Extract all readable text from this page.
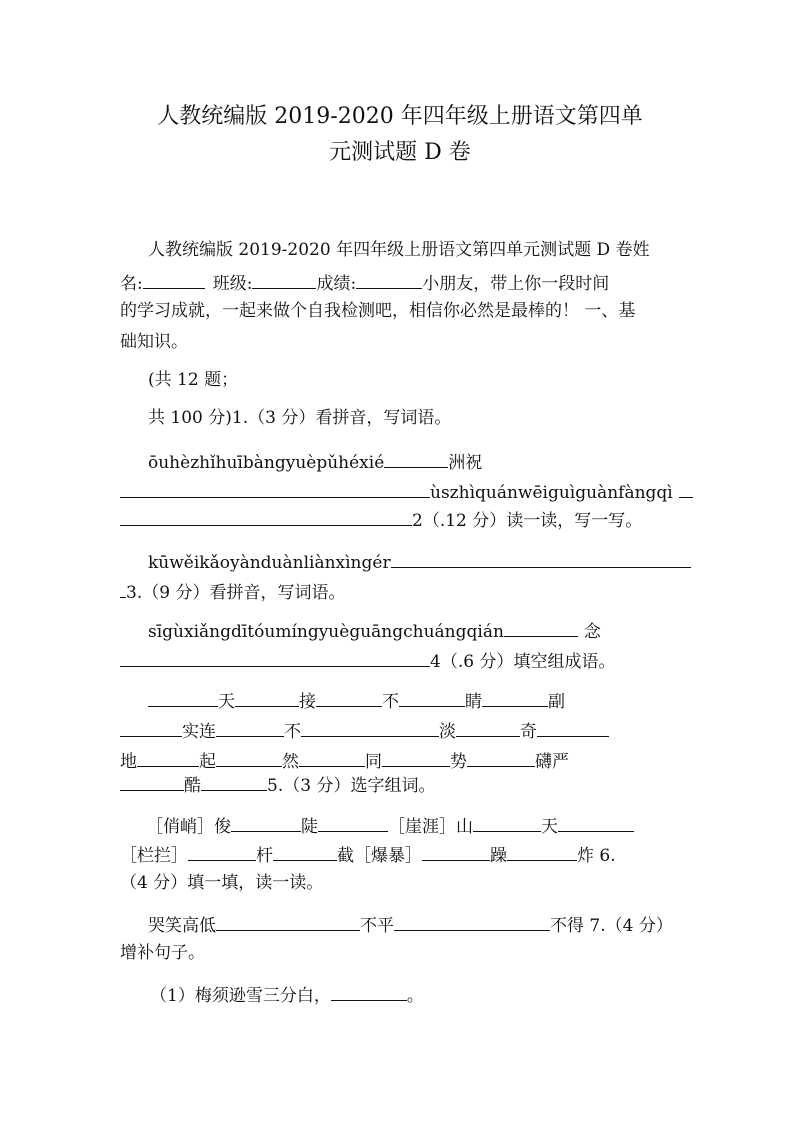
人教统编版 2019-2020 年四年级上册语文第四单
元测试题 D 卷
人教统编版 2019-2020 年四年级上册语文第四单元测试题 D 卷姓
名:	班级:	成绩:	小朋友，带上你一段时间
的学习成就，一起来做个自我检测吧，相信你必然是最棒的！ 一、基
础知识。
(共 12 题；
共 100 分)1.（3 分）看拼音，写词语。
ōuhèzhǐhuībàngyuèpǔhéxié	洲祝
ùszhìquánwēiguìguànfàngqì
2（.12 分）读一读，写一写。
kūwěikǎoyànduànliànxìngér
3.（9 分）看拼音，写词语。
sīgùxiǎngdītóumíngyuèguāngchuángqián	念
4（.6 分）填空组成语。
天	接	不	睛	副
实连	不	淡	奇
地	起	然	同	势	礴严
酷	5.（3 分）选字组词。
［俏峭］俊	陡	［崖涯］山	天
［栏拦］	杆	截［爆暴］	躁	炸 6.
（4 分）填一填，读一读。
哭笑高低	不平	不得 7.（4 分）
增补句子。
（1）梅须逊雪三分白，	。
